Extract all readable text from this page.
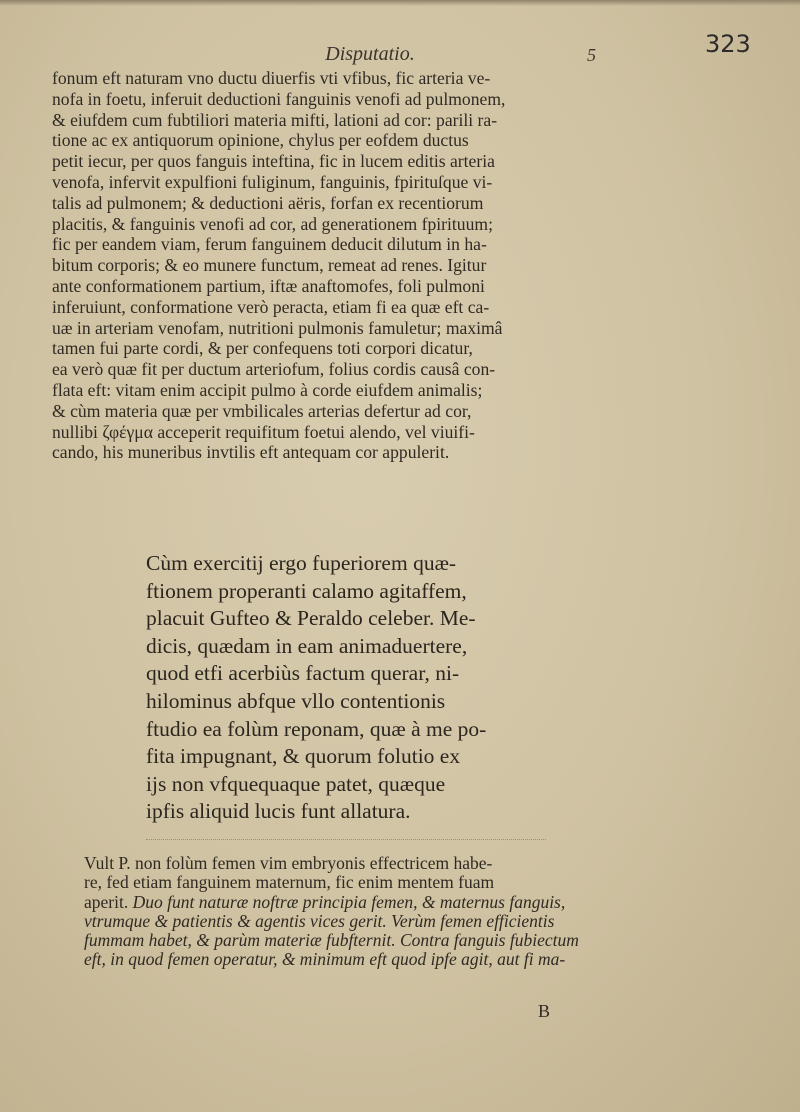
323
Disputatio.	5
fonum eft naturam vno ductu diuerfis vti vfibus, fic arteria ve-
nofa in foetu, inferuit deductioni fanguinis venofi ad pulmonem,
& eiufdem cum fubtiliori materia mifti, lationi ad cor: parili ra-
tione ac ex antiquorum opinione, chylus per eofdem ductus
petit iecur, per quos fanguis inteftina, fic in lucem editis arteria
venofa, infervit expulfioni fuliginum, fanguinis, fpirituſque vi-
talis ad pulmonem; & deductioni aëris, forfan ex recentiorum
placitis, & fanguinis venofi ad cor, ad generationem fpirituum;
fic per eandem viam, ferum fanguinem deducit dilutum in ha-
bitum corporis; & eo munere functum, remeat ad renes. Igitur
ante conformationem partium, iftæ anaftomofes, foli pulmoni
inferuiunt, conformatione verò peracta, etiam fi ea quæ eft ca-
uæ in arteriam venofam, nutritioni pulmonis famuletur; maximâ
tamen fui parte cordi, & per confequens toti corpori dicatur,
ea verò quæ fit per ductum arteriofum, folius cordis causâ con-
flata eft: vitam enim accipit pulmo à corde eiufdem animalis;
& cùm materia quæ per vmbilicales arterias defertur ad cor,
nullibi ζφέγμα acceperit requifitum foetui alendo, vel viuifi-
cando, his muneribus invtilis eft antequam cor appulerit.
Cùm exercitij ergo fuperiorem quæ-
ftionem properanti calamo agitaffem,
placuit Gufteo & Peraldo celeber. Me-
dicis, quædam in eam animaduertere,
quod etfi acerbiùs factum querar, ni-
hilominus abfque vllo contentionis
ftudio ea folùm reponam, quæ à me po-
fita impugnant, & quorum folutio ex
ijs non vfquequaque patet, quæque
ipfis aliquid lucis funt allatura.
Vult P. non folùm femen vim embryonis effectricem habe-
re, fed etiam fanguinem maternum, fic enim mentem fuam
aperit. Duo funt naturæ noftræ principia femen, & maternus fanguis,
vtrumque & patientis & agentis vices gerit. Verùm femen efficientis
fummam habet, & parùm materiæ fubfternit. Contra fanguis fubiectum
eft, in quod femen operatur, & minimum eft quod ipfe agit, aut fi ma-
B
